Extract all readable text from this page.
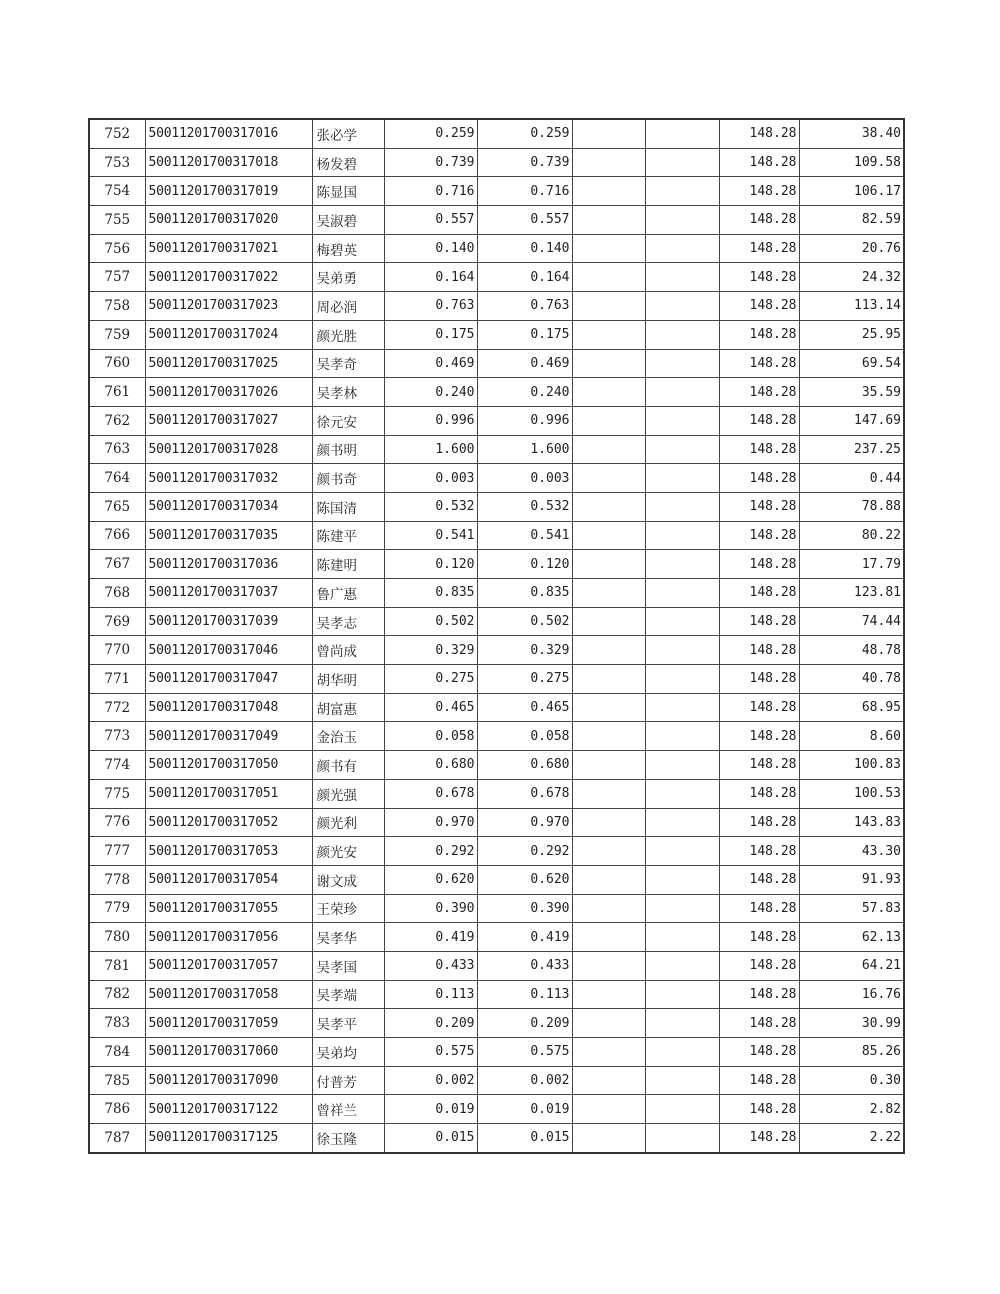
752	50011201700317016	张必学	0.259	0.259			148.28	38.40
753	50011201700317018	杨发碧	0.739	0.739			148.28	109.58
754	50011201700317019	陈显国	0.716	0.716			148.28	106.17
755	50011201700317020	吴淑碧	0.557	0.557			148.28	82.59
756	50011201700317021	梅碧英	0.140	0.140			148.28	20.76
757	50011201700317022	吴弟勇	0.164	0.164			148.28	24.32
758	50011201700317023	周必润	0.763	0.763			148.28	113.14
759	50011201700317024	颜光胜	0.175	0.175			148.28	25.95
760	50011201700317025	吴孝奇	0.469	0.469			148.28	69.54
761	50011201700317026	吴孝林	0.240	0.240			148.28	35.59
762	50011201700317027	徐元安	0.996	0.996			148.28	147.69
763	50011201700317028	颜书明	1.600	1.600			148.28	237.25
764	50011201700317032	颜书奇	0.003	0.003			148.28	0.44
765	50011201700317034	陈国清	0.532	0.532			148.28	78.88
766	50011201700317035	陈建平	0.541	0.541			148.28	80.22
767	50011201700317036	陈建明	0.120	0.120			148.28	17.79
768	50011201700317037	鲁广惠	0.835	0.835			148.28	123.81
769	50011201700317039	吴孝志	0.502	0.502			148.28	74.44
770	50011201700317046	曾尚成	0.329	0.329			148.28	48.78
771	50011201700317047	胡华明	0.275	0.275			148.28	40.78
772	50011201700317048	胡富惠	0.465	0.465			148.28	68.95
773	50011201700317049	金治玉	0.058	0.058			148.28	8.60
774	50011201700317050	颜书有	0.680	0.680			148.28	100.83
775	50011201700317051	颜光强	0.678	0.678			148.28	100.53
776	50011201700317052	颜光利	0.970	0.970			148.28	143.83
777	50011201700317053	颜光安	0.292	0.292			148.28	43.30
778	50011201700317054	谢文成	0.620	0.620			148.28	91.93
779	50011201700317055	王荣珍	0.390	0.390			148.28	57.83
780	50011201700317056	吴孝华	0.419	0.419			148.28	62.13
781	50011201700317057	吴孝国	0.433	0.433			148.28	64.21
782	50011201700317058	吴孝端	0.113	0.113			148.28	16.76
783	50011201700317059	吴孝平	0.209	0.209			148.28	30.99
784	50011201700317060	吴弟均	0.575	0.575			148.28	85.26
785	50011201700317090	付普芳	0.002	0.002			148.28	0.30
786	50011201700317122	曾祥兰	0.019	0.019			148.28	2.82
787	50011201700317125	徐玉隆	0.015	0.015			148.28	2.22
